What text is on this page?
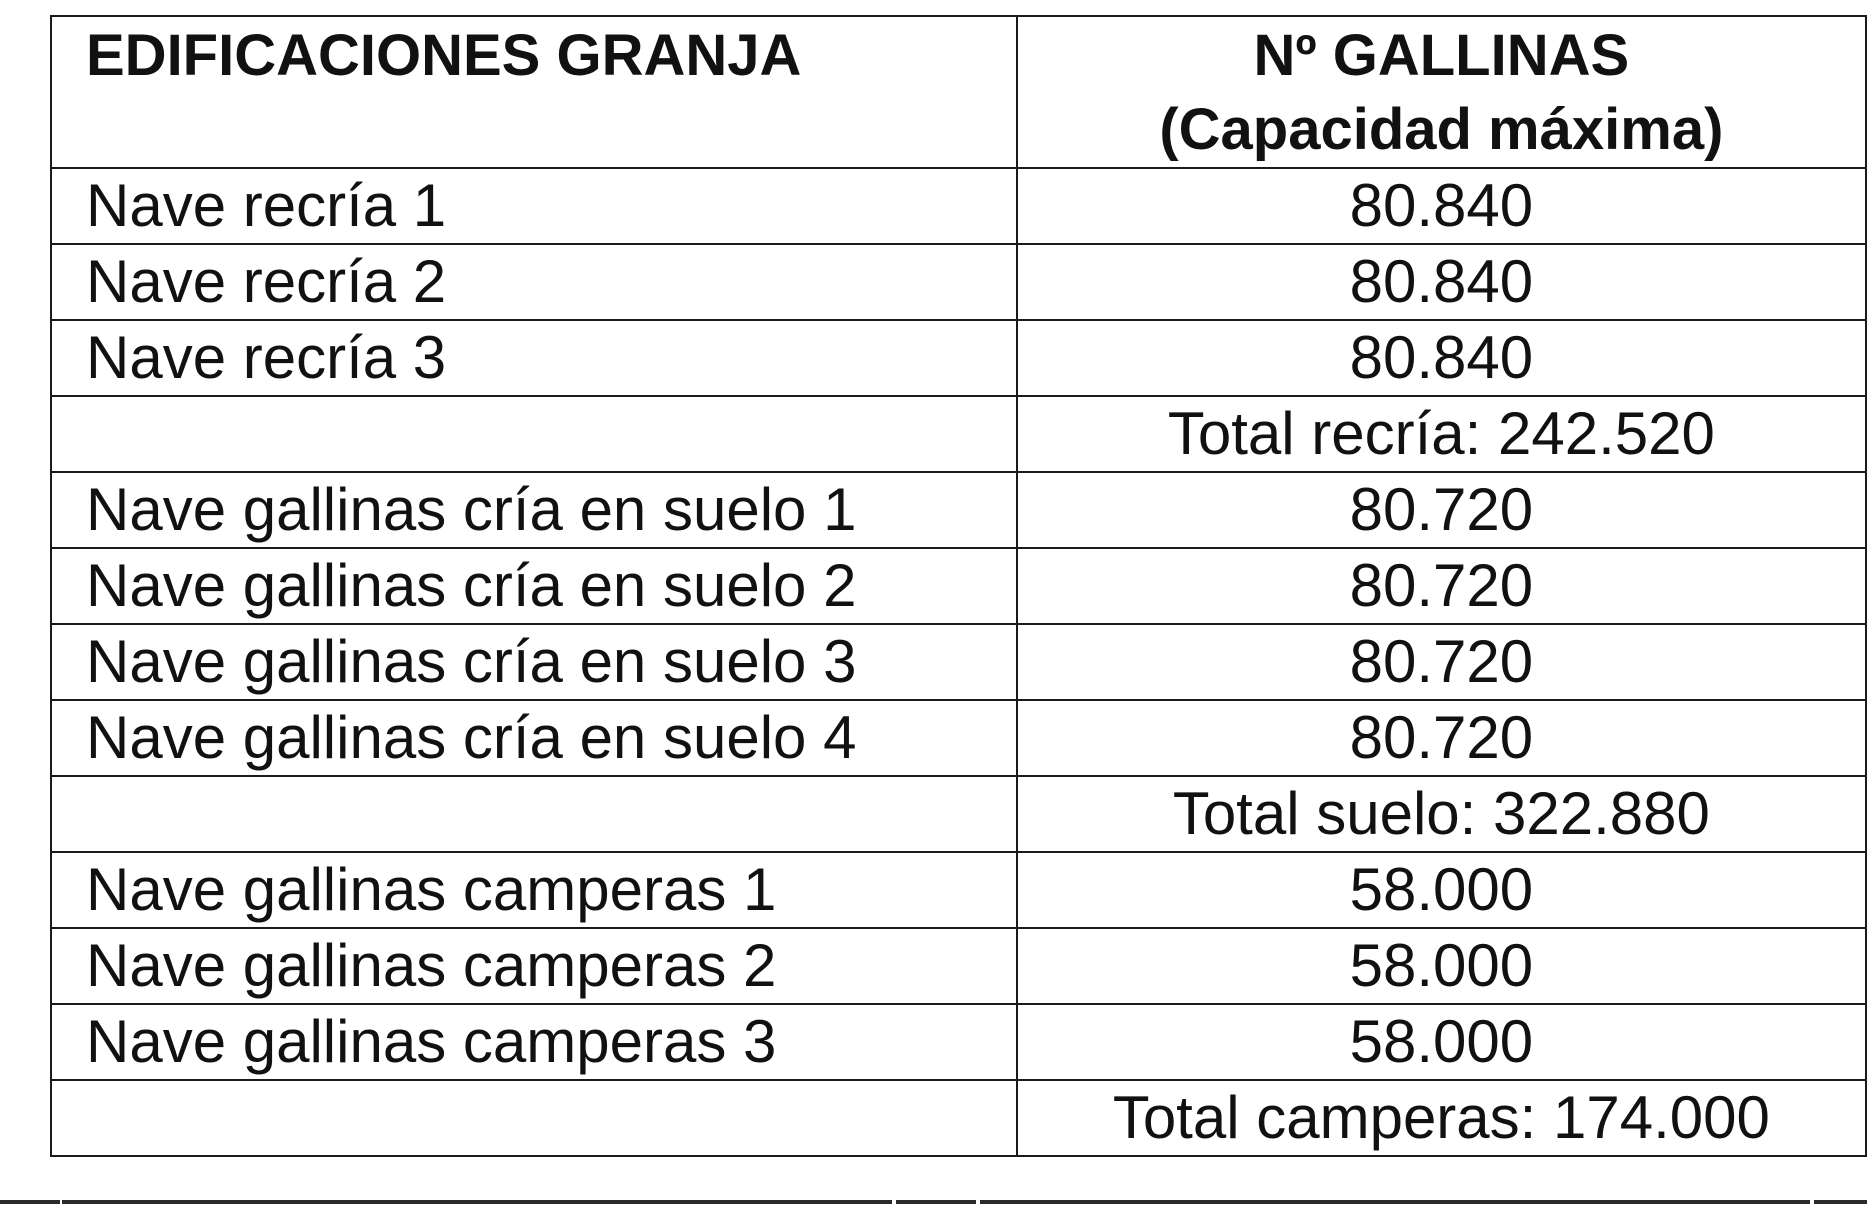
EDIFICACIONES GRANJA	Nº GALLINAS
(Capacidad máxima)

Nave recría 1	80.840
Nave recría 2	80.840
Nave recría 3	80.840
	Total recría: 242.520
Nave gallinas cría en suelo 1	80.720
Nave gallinas cría en suelo 2	80.720
Nave gallinas cría en suelo 3	80.720
Nave gallinas cría en suelo 4	80.720
	Total suelo: 322.880
Nave gallinas camperas 1	58.000
Nave gallinas camperas 2	58.000
Nave gallinas camperas 3	58.000
	Total camperas: 174.000
